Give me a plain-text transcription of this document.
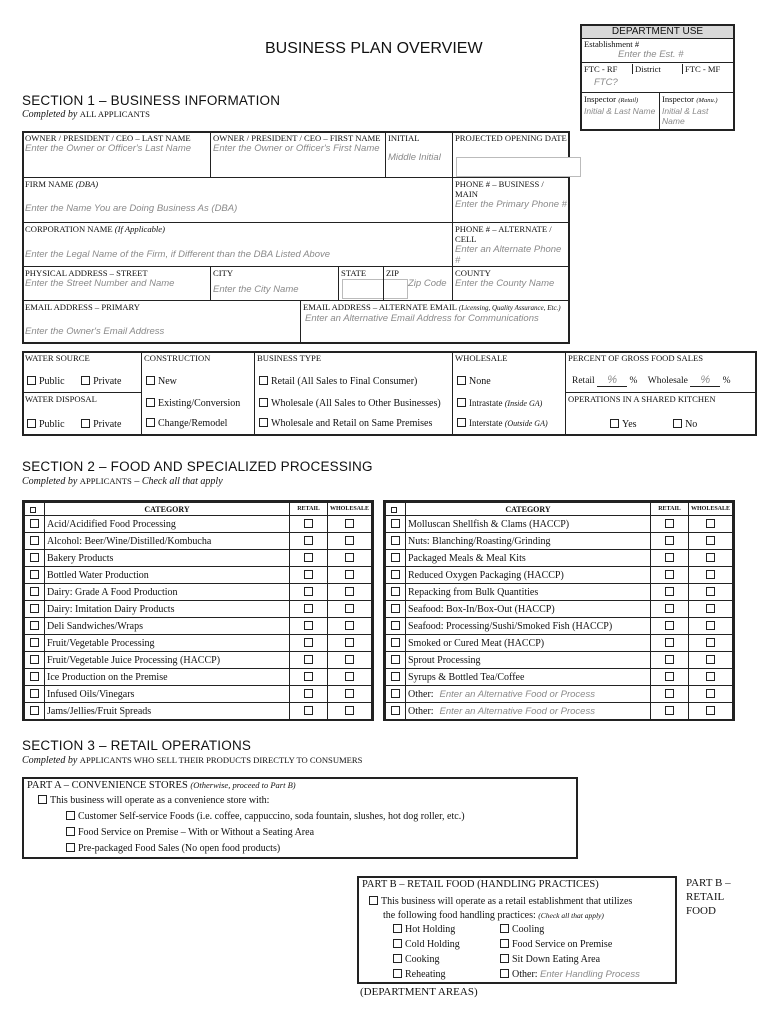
BUSINESS PLAN OVERVIEW
DEPARTMENT USE
Establishment #
Enter the Est. #
FTC - RF	District	FTC - MF
FTC?
Inspector (Retail)
Initial & Last Name
Inspector (Manu.)
Initial & Last Name
SECTION 1 – BUSINESS INFORMATION
Completed by ALL APPLICANTS
OWNER / PRESIDENT / CEO – LAST NAME
Enter the Owner or Officer's Last Name
OWNER / PRESIDENT / CEO – FIRST NAME
Enter the Owner or Officer's First Name
INITIAL
Middle Initial
PROJECTED OPENING DATE
FIRM NAME (DBA)
Enter the Name You are Doing Business As (DBA)
PHONE # – BUSINESS / MAIN
Enter the Primary Phone #
CORPORATION NAME (If Applicable)
Enter the Legal Name of the Firm, if Different than the DBA Listed Above
PHONE # – ALTERNATE / CELL
Enter an Alternate Phone #
PHYSICAL ADDRESS – STREET
Enter the Street Number and Name
CITY
Enter the City Name
STATE	ZIP
Zip Code
COUNTY
Enter the County Name
EMAIL ADDRESS – PRIMARY
Enter the Owner's Email Address
EMAIL ADDRESS – ALTERNATE EMAIL (Licensing, Quality Assurance, Etc.)
Enter an Alternative Email Address for Communications
WATER SOURCE
Public	Private
WATER DISPOSAL
Public	Private
CONSTRUCTION
New
Existing/Conversion
Change/Remodel
BUSINESS TYPE
Retail (All Sales to Final Consumer)
Wholesale (All Sales to Other Businesses)
Wholesale and Retail on Same Premises
WHOLESALE
None
Intrastate (Inside GA)
Interstate (Outside GA)
PERCENT OF GROSS FOOD SALES
Retail % % Wholesale % %
OPERATIONS IN A SHARED KITCHEN
Yes	No
SECTION 2 – FOOD AND SPECIALIZED PROCESSING
Completed by APPLICANTS – Check all that apply
	CATEGORY	RETAIL	WHOLESALE
	Acid/Acidified Food Processing		
	Alcohol: Beer/Wine/Distilled/Kombucha		
	Bakery Products		
	Bottled Water Production		
	Dairy: Grade A Food Production		
	Dairy: Imitation Dairy Products		
	Deli Sandwiches/Wraps		
	Fruit/Vegetable Processing		
	Fruit/Vegetable Juice Processing (HACCP)		
	Ice Production on the Premise		
	Infused Oils/Vinegars		
	Jams/Jellies/Fruit Spreads		
	CATEGORY	RETAIL	WHOLESALE
	Molluscan Shellfish & Clams (HACCP)		
	Nuts: Blanching/Roasting/Grinding		
	Packaged Meals & Meal Kits		
	Reduced Oxygen Packaging (HACCP)		
	Repacking from Bulk Quantities		
	Seafood: Box-In/Box-Out (HACCP)		
	Seafood: Processing/Sushi/Smoked Fish (HACCP)		
	Smoked or Cured Meat (HACCP)		
	Sprout Processing		
	Syrups & Bottled Tea/Coffee		
	Other: Enter an Alternative Food or Process		
	Other: Enter an Alternative Food or Process		
SECTION 3 – RETAIL OPERATIONS
Completed by APPLICANTS WHO SELL THEIR PRODUCTS DIRECTLY TO CONSUMERS
PART A – CONVENIENCE STORES (Otherwise, proceed to Part B)
This business will operate as a convenience store with:
Customer Self-service Foods (i.e. coffee, cappuccino, soda fountain, slushes, hot dog roller, etc.)
Food Service on Premise – With or Without a Seating Area
Pre-packaged Food Sales (No open food products)
PART B – RETAIL FOOD (HANDLING PRACTICES)
This business will operate as a retail establishment that utilizes
the following food handling practices: (Check all that apply)
Hot Holding
Cold Holding
Cooking
Reheating
Cooling
Food Service on Premise
Sit Down Eating Area
Other: Enter Handling Process
(DEPARTMENT AREAS)
PART B – RETAIL FOOD
